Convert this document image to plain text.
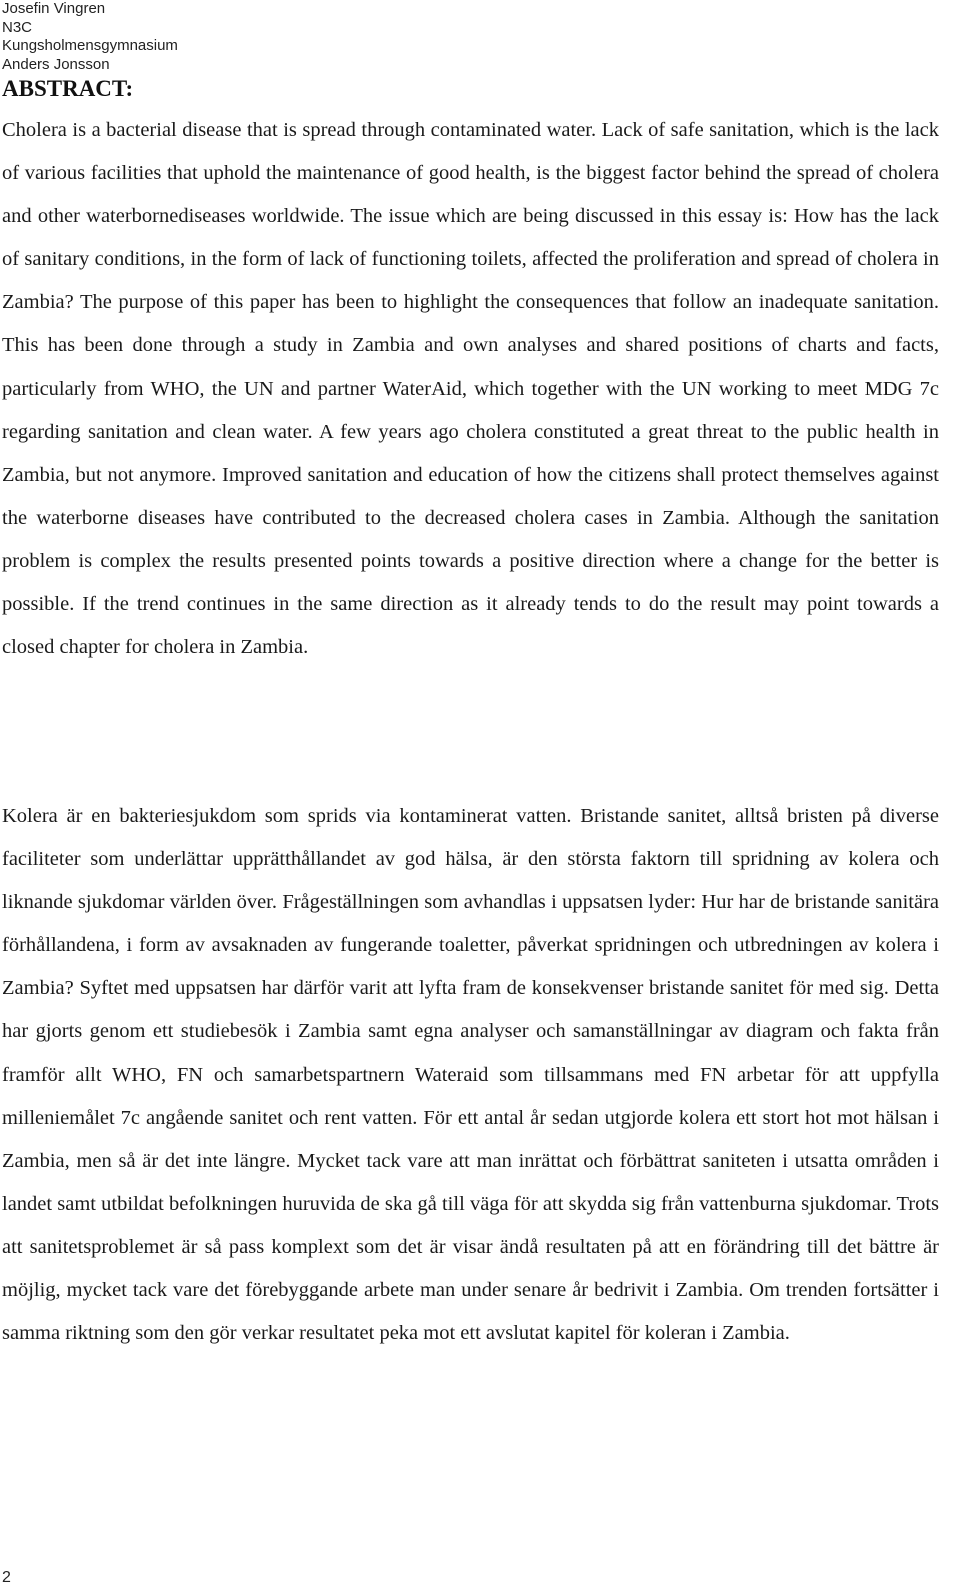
Josefin Vingren
N3C
Kungsholmensgymnasium
Anders Jonsson
ABSTRACT:

Cholera is a bacterial disease that is spread through contaminated water. Lack of safe sanitation, which is the lack of various facilities that uphold the maintenance of good health, is the biggest factor behind the spread of cholera and other waterbornediseases worldwide. The issue which are being discussed in this essay is: How has the lack of sanitary conditions, in the form of lack of functioning toilets, affected the proliferation and spread of cholera in Zambia? The purpose of this paper has been to highlight the consequences that follow an inadequate sanitation. This has been done through a study in Zambia and own analyses and shared positions of charts and facts, particularly from WHO, the UN and partner WaterAid, which together with the UN working to meet MDG 7c regarding sanitation and clean water. A few years ago cholera constituted a great threat to the public health in Zambia, but not anymore. Improved sanitation and education of how the citizens shall protect themselves against the waterborne diseases have contributed to the decreased cholera cases in Zambia. Although the sanitation problem is complex the results presented points towards a positive direction where a change for the better is possible. If the trend continues in the same direction as it already tends to do the result may point towards a closed chapter for cholera in Zambia.

Kolera är en bakteriesjukdom som sprids via kontaminerat vatten. Bristande sanitet, alltså bristen på diverse faciliteter som underlättar upprätthållandet av god hälsa, är den största faktorn till spridning av kolera och liknande sjukdomar världen över. Frågeställningen som avhandlas i uppsatsen lyder: Hur har de bristande sanitära förhållandena, i form av avsaknaden av fungerande toaletter, påverkat spridningen och utbredningen av kolera i Zambia? Syftet med uppsatsen har därför varit att lyfta fram de konsekvenser bristande sanitet för med sig. Detta har gjorts genom ett studiebesök i Zambia samt egna analyser och samanställningar av diagram och fakta från framför allt WHO, FN och samarbetspartnern Wateraid som tillsammans med FN arbetar för att uppfylla milleniemålet 7c angående sanitet och rent vatten. För ett antal år sedan utgjorde kolera ett stort hot mot hälsan i Zambia, men så är det inte längre. Mycket tack vare att man inrättat och förbättrat saniteten i utsatta områden i landet samt utbildat befolkningen huruvida de ska gå till väga för att skydda sig från vattenburna sjukdomar. Trots att sanitetsproblemet är så pass komplext som det är visar ändå resultaten på att en förändring till det bättre är möjlig, mycket tack vare det förebyggande arbete man under senare år bedrivit i Zambia. Om trenden fortsätter i samma riktning som den gör verkar resultatet peka mot ett avslutat kapitel för koleran i Zambia.

2
